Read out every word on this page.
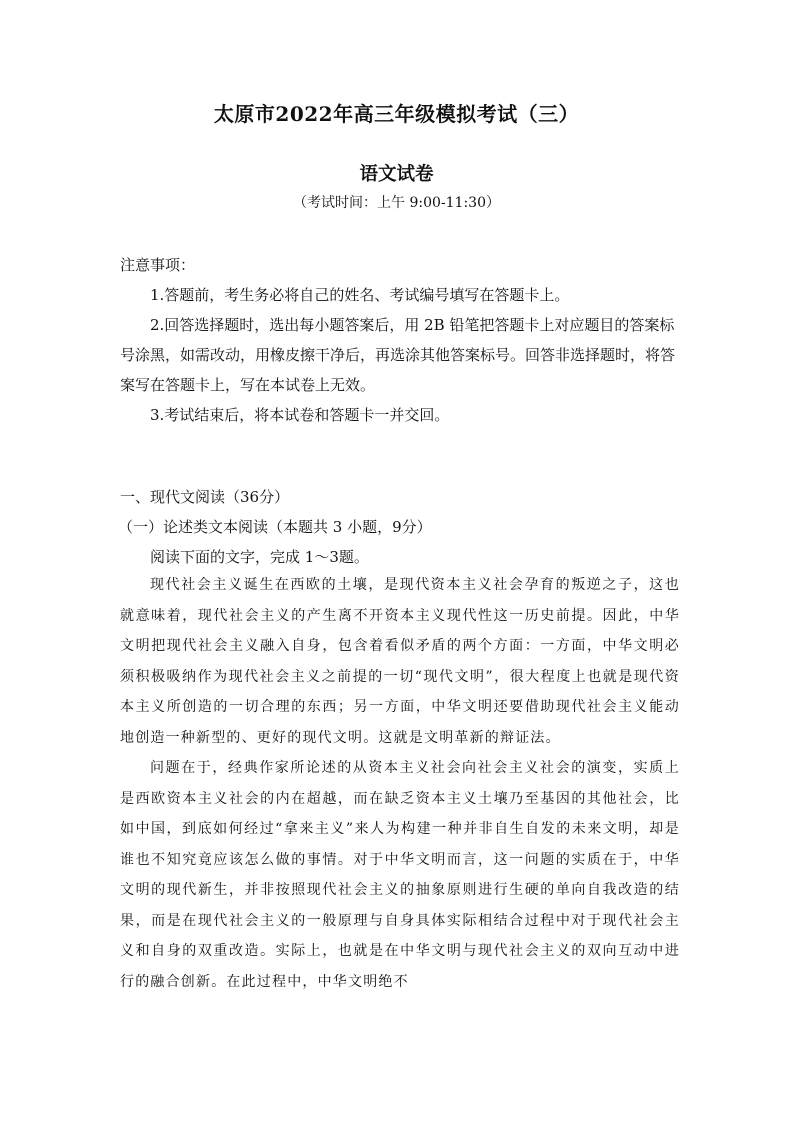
太原市2022年高三年级模拟考试（三）
语文试卷
（考试时间：上午 9:00-11:30）
注意事项：

1.答题前，考生务必将自己的姓名、考试编号填写在答题卡上。

2.回答选择题时，选出每小题答案后，用 2B 铅笔把答题卡上对应题目的答案标号涂黑，如需改动，用橡皮擦干净后，再选涂其他答案标号。回答非选择题时，将答案写在答题卡上，写在本试卷上无效。

3.考试结束后，将本试卷和答题卡一并交回。

一、现代文阅读（36分）
（一）论述类文本阅读（本题共 3 小题，9分）

阅读下面的文字，完成 1～3题。

现代社会主义诞生在西欧的土壤，是现代资本主义社会孕育的叛逆之子，这也就意味着，现代社会主义的产生离不开资本主义现代性这一历史前提。因此，中华文明把现代社会主义融入自身，包含着看似矛盾的两个方面：一方面，中华文明必须积极吸纳作为现代社会主义之前提的一切“现代文明”，很大程度上也就是现代资本主义所创造的一切合理的东西；另一方面，中华文明还要借助现代社会主义能动地创造一种新型的、更好的现代文明。这就是文明革新的辩证法。

问题在于，经典作家所论述的从资本主义社会向社会主义社会的演变，实质上是西欧资本主义社会的内在超越，而在缺乏资本主义土壤乃至基因的其他社会，比如中国，到底如何经过“拿来主义”来人为构建一种并非自生自发的未来文明，却是谁也不知究竟应该怎么做的事情。对于中华文明而言，这一问题的实质在于，中华文明的现代新生，并非按照现代社会主义的抽象原则进行生硬的单向自我改造的结果，而是在现代社会主义的一般原理与自身具体实际相结合过程中对于现代社会主义和自身的双重改造。实际上，也就是在中华文明与现代社会主义的双向互动中进行的融合创新。在此过程中，中华文明绝不
